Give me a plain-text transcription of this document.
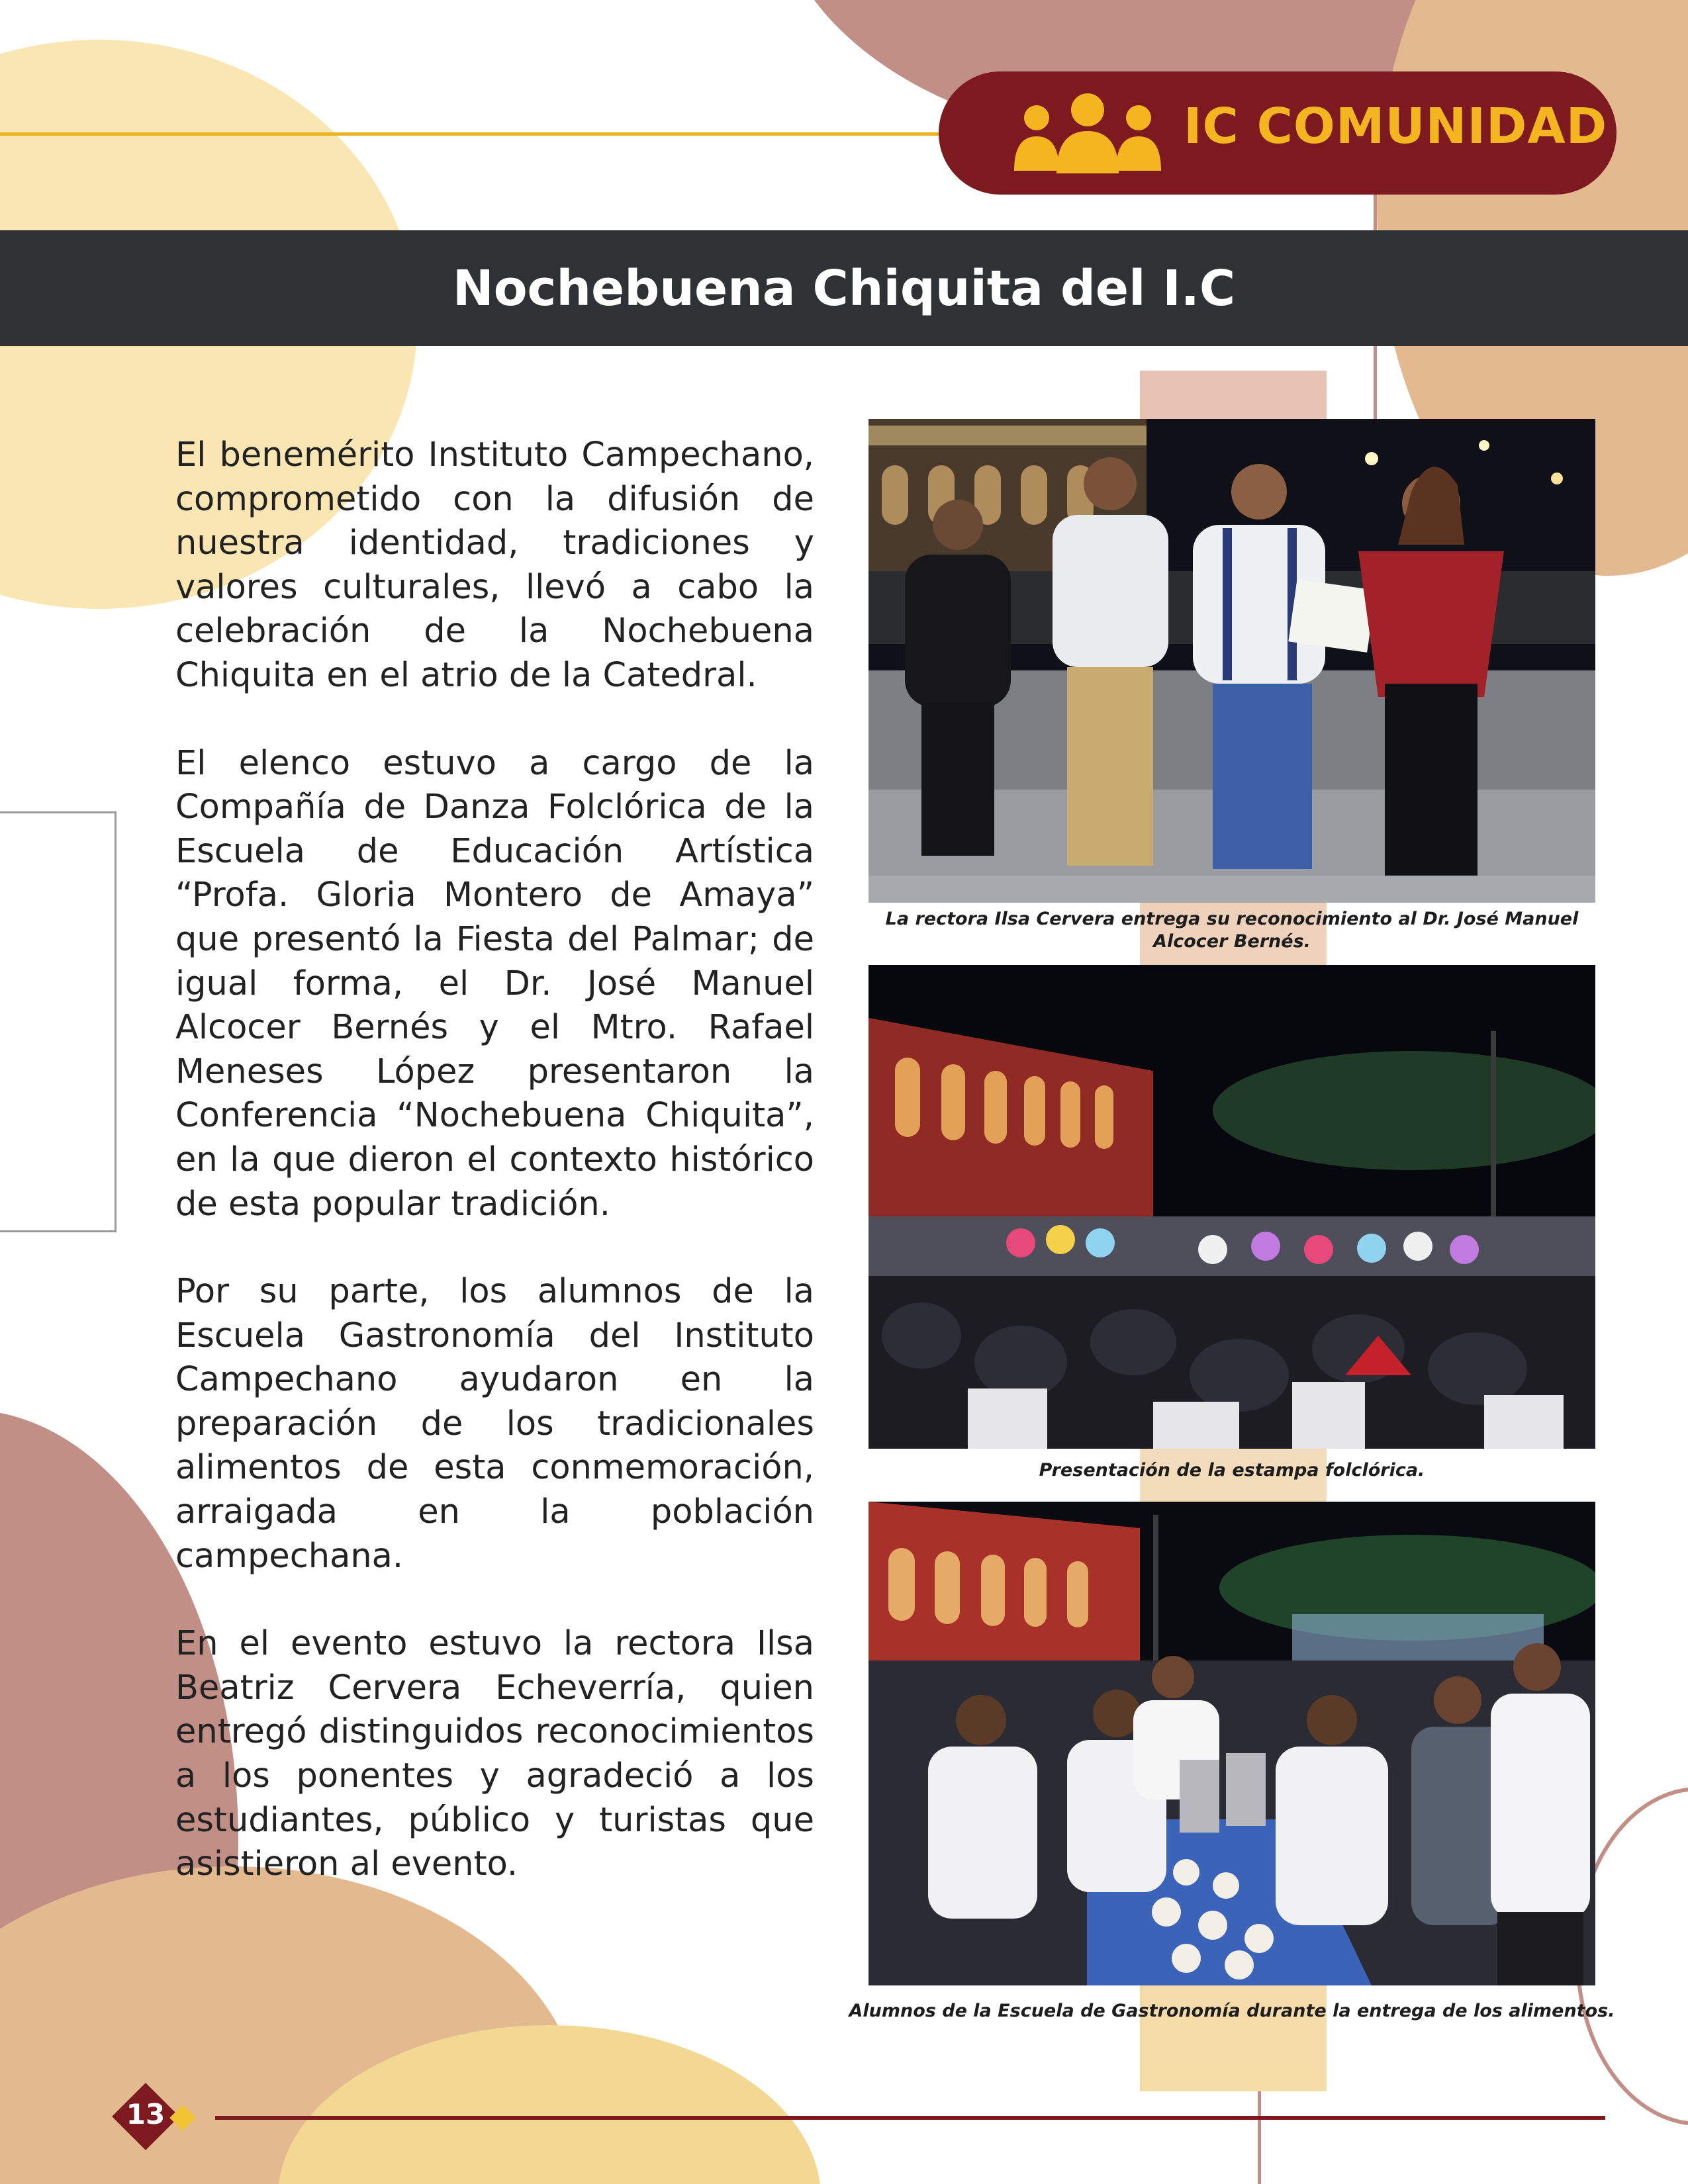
IC COMUNIDAD
Nochebuena Chiquita del I.C

El benemérito Instituto Campechano, comprometido con la difusión de nuestra identidad, tradiciones y valores culturales, llevó a cabo la celebración de la Nochebuena Chiquita en el atrio de la Catedral.

El elenco estuvo a cargo de la Compañía de Danza Folclórica de la Escuela de Educación Artística “Profa. Gloria Montero de Amaya” que presentó la Fiesta del Palmar; de igual forma, el Dr. José Manuel Alcocer Bernés y el Mtro. Rafael Meneses López presentaron la Conferencia “Nochebuena Chiquita”, en la que dieron el contexto histórico de esta popular tradición.

Por su parte, los alumnos de la Escuela Gastronomía del Instituto Campechano ayudaron en la preparación de los tradicionales alimentos de esta conmemoración, arraigada en la población campechana.

En el evento estuvo la rectora Ilsa Beatriz Cervera Echeverría, quien entregó distinguidos reconocimientos a los ponentes y agradeció a los estudiantes, público y turistas que asistieron al evento.

La rectora Ilsa Cervera entrega su reconocimiento al Dr. José Manuel Alcocer Bernés.
Presentación de la estampa folclórica.
Alumnos de la Escuela de Gastronomía durante la entrega de los alimentos.
13
